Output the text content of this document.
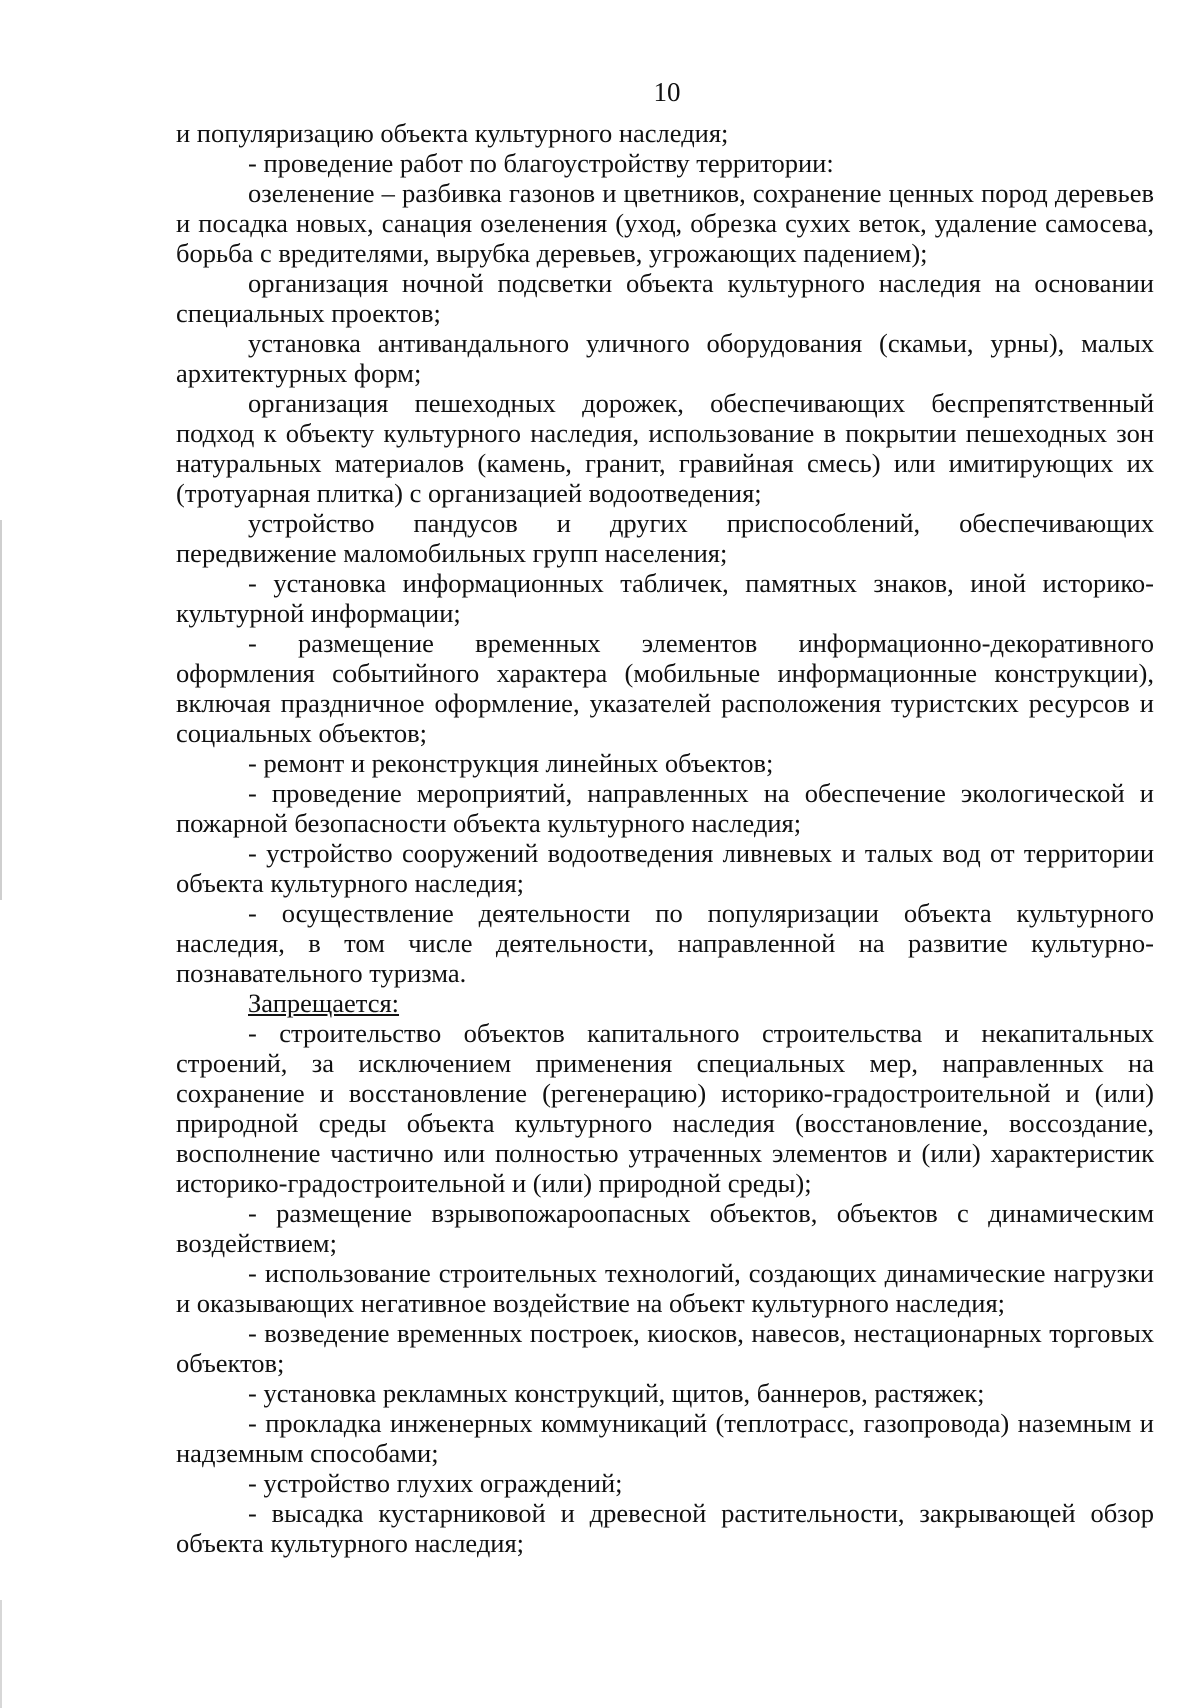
10

и популяризацию объекта культурного наследия;

- проведение работ по благоустройству территории:

озеленение – разбивка газонов и цветников, сохранение ценных пород деревьев и посадка новых, санация озеленения (уход, обрезка сухих веток, удаление самосева, борьба с вредителями, вырубка деревьев, угрожающих падением);

организация ночной подсветки объекта культурного наследия на основании специальных проектов;

установка антивандального уличного оборудования (скамьи, урны), малых архитектурных форм;

организация пешеходных дорожек, обеспечивающих беспрепятственный подход к объекту культурного наследия, использование в покрытии пешеходных зон натуральных материалов (камень, гранит, гравийная смесь) или имитирующих их (тротуарная плитка) с организацией водоотведения;

устройство пандусов и других приспособлений, обеспечивающих передвижение маломобильных групп населения;

- установка информационных табличек, памятных знаков, иной историко-культурной информации;

- размещение временных элементов информационно-декоративного оформления событийного характера (мобильные информационные конструкции), включая праздничное оформление, указателей расположения туристских ресурсов и социальных объектов;

- ремонт и реконструкция линейных объектов;

- проведение мероприятий, направленных на обеспечение экологической и пожарной безопасности объекта культурного наследия;

- устройство сооружений водоотведения ливневых и талых вод от территории объекта культурного наследия;

- осуществление деятельности по популяризации объекта культурного наследия, в том числе деятельности, направленной на развитие культурно-познавательного туризма.

Запрещается:

- строительство объектов капитального строительства и некапитальных строений, за исключением применения специальных мер, направленных на сохранение и восстановление (регенерацию) историко-градостроительной и (или) природной среды объекта культурного наследия (восстановление, воссоздание, восполнение частично или полностью утраченных элементов и (или) характеристик историко-градостроительной и (или) природной среды);

- размещение взрывопожароопасных объектов, объектов с динамическим воздействием;

- использование строительных технологий, создающих динамические нагрузки и оказывающих негативное воздействие на объект культурного наследия;

- возведение временных построек, киосков, навесов, нестационарных торговых объектов;

- установка рекламных конструкций, щитов, баннеров, растяжек;

- прокладка инженерных коммуникаций (теплотрасс, газопровода) наземным и надземным способами;

- устройство глухих ограждений;

- высадка кустарниковой и древесной растительности, закрывающей обзор объекта культурного наследия;
